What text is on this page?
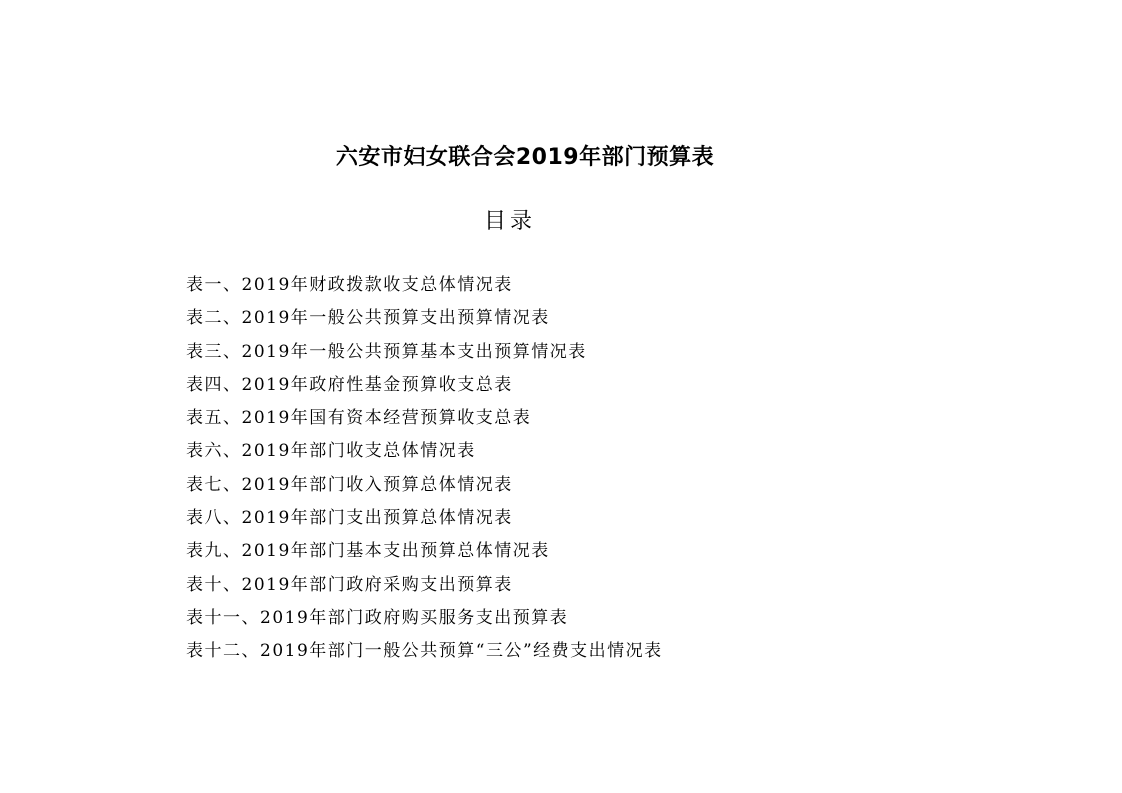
六安市妇女联合会2019年部门预算表
目录
表一、2019年财政拨款收支总体情况表
表二、2019年一般公共预算支出预算情况表
表三、2019年一般公共预算基本支出预算情况表
表四、2019年政府性基金预算收支总表
表五、2019年国有资本经营预算收支总表
表六、2019年部门收支总体情况表
表七、2019年部门收入预算总体情况表
表八、2019年部门支出预算总体情况表
表九、2019年部门基本支出预算总体情况表
表十、2019年部门政府采购支出预算表
表十一、2019年部门政府购买服务支出预算表
表十二、2019年部门一般公共预算“三公”经费支出情况表
